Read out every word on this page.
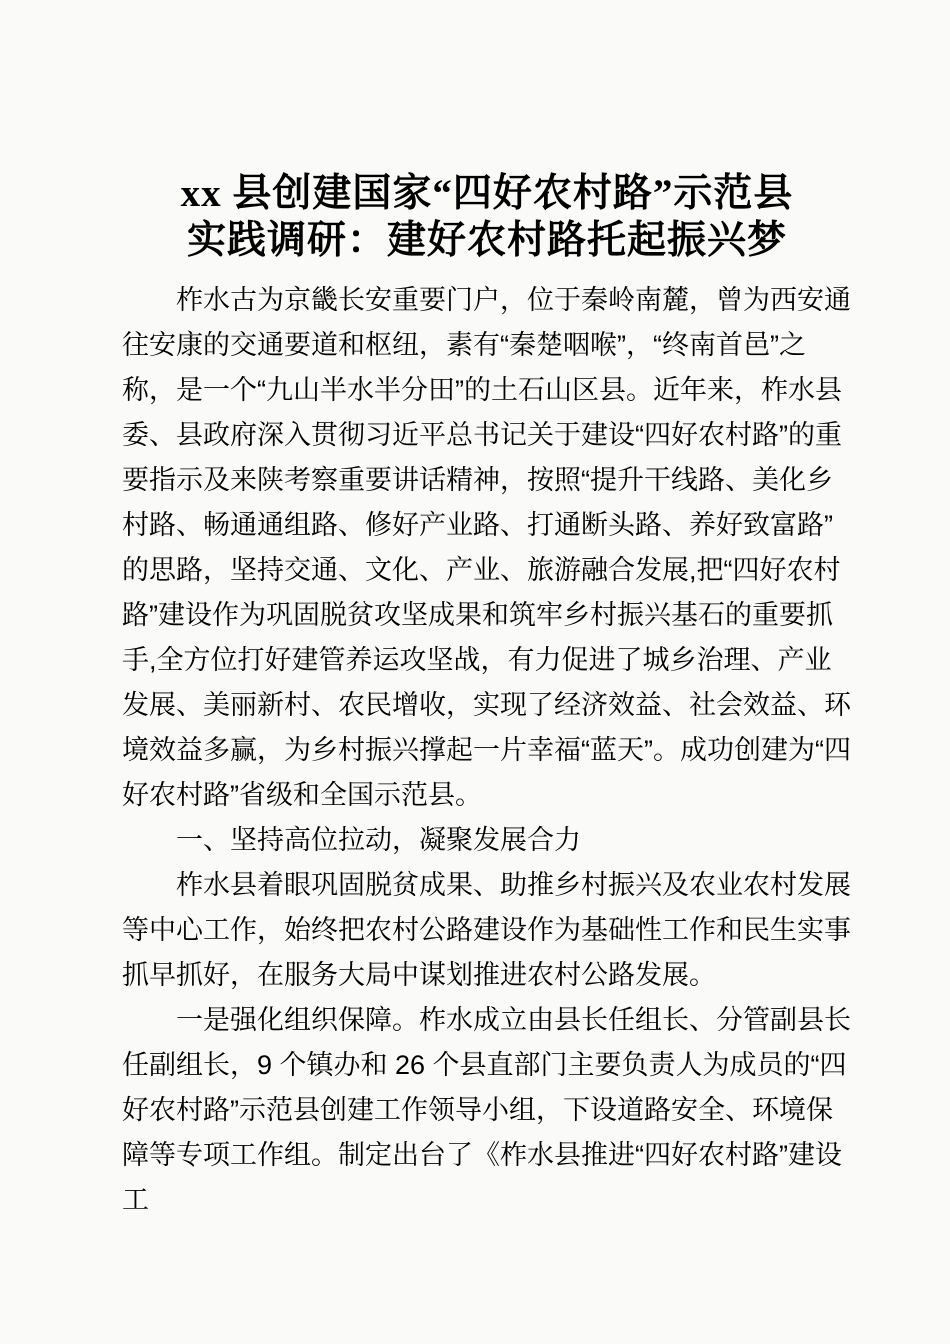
xx 县创建国家“四好农村路”示范县
实践调研：建好农村路托起振兴梦

柞水古为京畿长安重要门户，位于秦岭南麓，曾为西安通往安康的交通要道和枢纽，素有“秦楚咽喉”，“终南首邑”之称，是一个“九山半水半分田”的土石山区县。近年来，柞水县委、县政府深入贯彻习近平总书记关于建设“四好农村路”的重要指示及来陕考察重要讲话精神，按照“提升干线路、美化乡村路、畅通通组路、修好产业路、打通断头路、养好致富路”的思路，坚持交通、文化、产业、旅游融合发展,把“四好农村路”建设作为巩固脱贫攻坚成果和筑牢乡村振兴基石的重要抓手,全方位打好建管养运攻坚战，有力促进了城乡治理、产业发展、美丽新村、农民增收，实现了经济效益、社会效益、环境效益多赢，为乡村振兴撑起一片幸福“蓝天”。成功创建为“四好农村路”省级和全国示范县。

一、坚持高位拉动，凝聚发展合力

柞水县着眼巩固脱贫成果、助推乡村振兴及农业农村发展等中心工作，始终把农村公路建设作为基础性工作和民生实事抓早抓好，在服务大局中谋划推进农村公路发展。

一是强化组织保障。柞水成立由县长任组长、分管副县长任副组长，9 个镇办和 26 个县直部门主要负责人为成员的“四好农村路”示范县创建工作领导小组，下设道路安全、环境保障等专项工作组。制定出台了《柞水县推进“四好农村路”建设工
